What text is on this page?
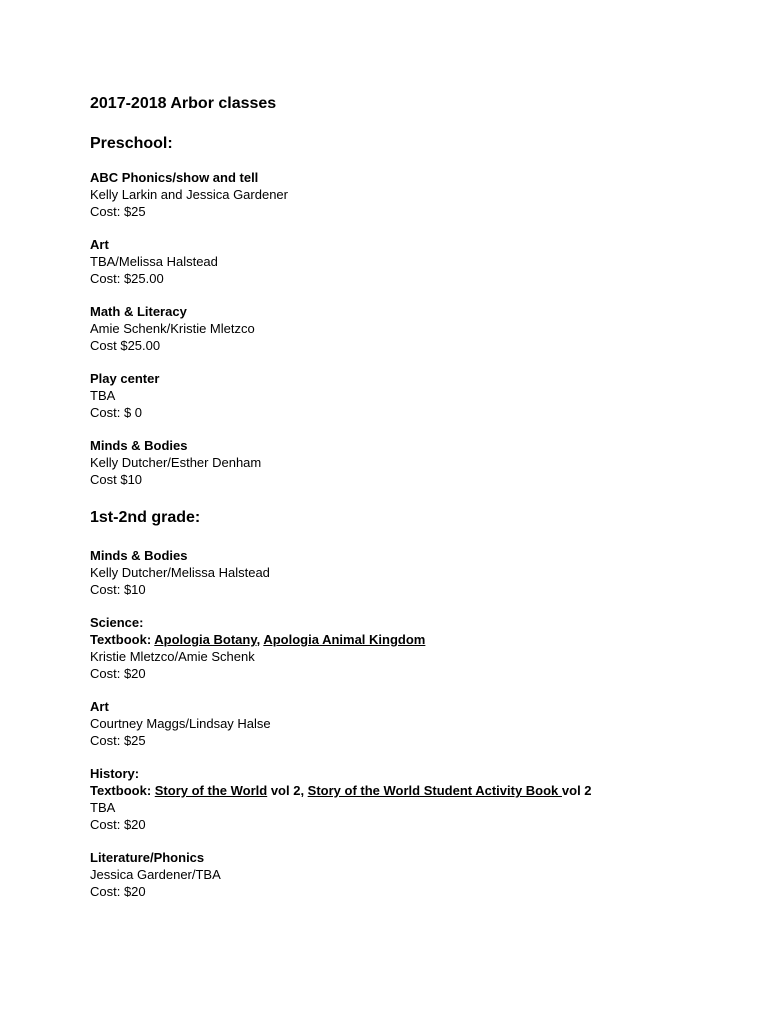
2017-2018 Arbor classes
Preschool:
ABC Phonics/show and tell
Kelly Larkin and Jessica Gardener
Cost: $25
Art
TBA/Melissa Halstead
Cost: $25.00
Math & Literacy
Amie Schenk/Kristie Mletzco
Cost $25.00
Play center
TBA
Cost: $ 0
Minds & Bodies
Kelly Dutcher/Esther Denham
Cost $10
1st-2nd grade:
Minds & Bodies
Kelly Dutcher/Melissa Halstead
Cost: $10
Science:
Textbook: Apologia Botany, Apologia Animal Kingdom
Kristie Mletzco/Amie Schenk
Cost: $20
Art
Courtney Maggs/Lindsay Halse
Cost: $25
History:
Textbook: Story of the World vol 2, Story of the World Student Activity Book vol 2
TBA
Cost: $20
Literature/Phonics
Jessica Gardener/TBA
Cost: $20
